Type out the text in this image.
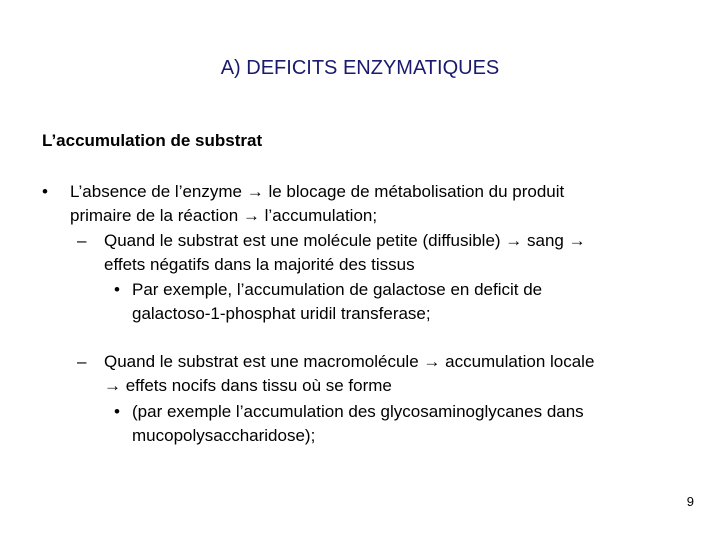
A) DEFICITS ENZYMATIQUES
L’accumulation de substrat
• L’absence de l’enzyme → le blocage de métabolisation du produit
primaire de la réaction → l’accumulation;
– Quand le substrat est une molécule petite (diffusible) → sang →
effets négatifs dans la majorité des tissus
• Par exemple, l’accumulation de galactose en deficit de
galactoso-1-phosphat uridil transferase;
– Quand le substrat est une macromolécule → accumulation locale
→ effets nocifs dans tissu où se forme
• (par exemple l’accumulation des glycosaminoglycanes dans
mucopolysaccharidose);
9
